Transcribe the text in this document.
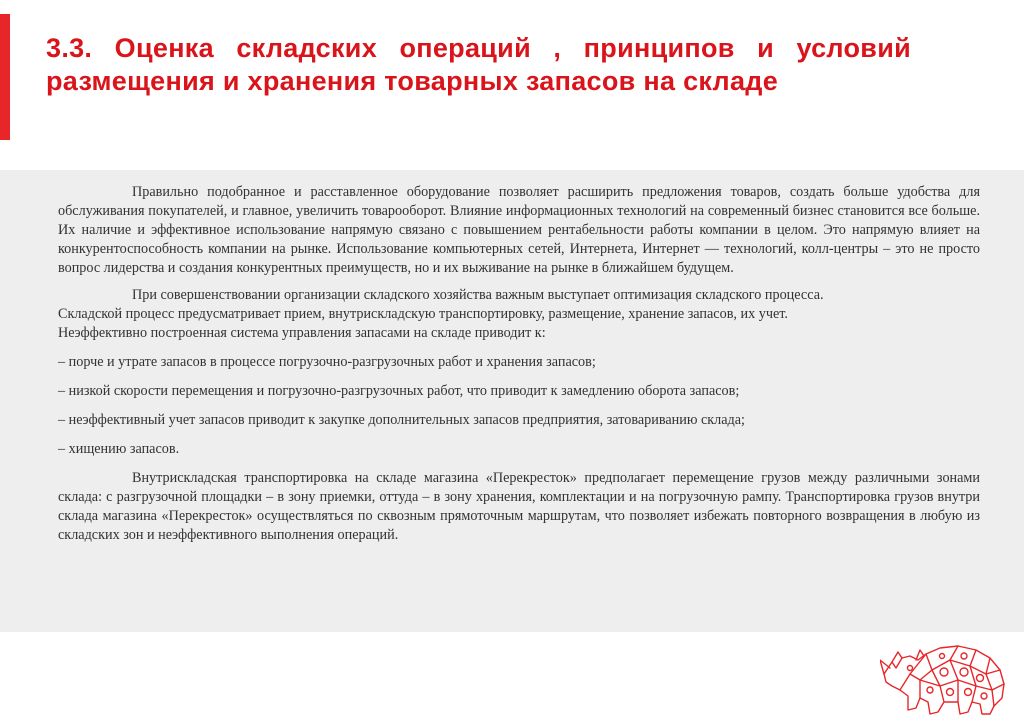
3.3. Оценка складских операций , принципов и условий размещения и хранения товарных запасов на складе

Правильно подобранное и расставленное оборудование позволяет расширить предложения товаров, создать больше удобства для обслуживания покупателей, и главное, увеличить товарооборот. Влияние информационных технологий на современный бизнес становится все больше. Их наличие и эффективное использование напрямую связано с повышением рентабельности работы компании в целом. Это напрямую влияет на конкурентоспособность компании на рынке. Использование компьютерных сетей, Интернета, Интернет — технологий, колл-центры – это не просто вопрос лидерства и создания конкурентных преимуществ, но и их выживание на рынке в ближайшем будущем.

При совершенствовании организации складского хозяйства важным выступает оптимизация складского процесса.

Складской процесс предусматривает прием, внутрискладскую транспортировку, размещение, хранение запасов, их учет.

Неэффективно построенная система управления запасами на складе приводит к:

– порче и утрате запасов в процессе погрузочно-разгрузочных работ и хранения запасов;

– низкой скорости перемещения и погрузочно-разгрузочных работ, что приводит к замедлению оборота запасов;

– неэффективный учет запасов приводит к закупке дополнительных запасов предприятия, затовариванию склада;

– хищению запасов.

Внутрискладская транспортировка на складе магазина «Перекресток» предполагает перемещение грузов между различными зонами склада: с разгрузочной площадки – в зону приемки, оттуда – в зону хранения, комплектации и на погрузочную рампу. Транспортировка грузов внутри склада магазина «Перекресток» осуществляться по сквозным прямоточным маршрутам, что позволяет избежать повторного возвращения в любую из складских зон и неэффективного выполнения операций.
